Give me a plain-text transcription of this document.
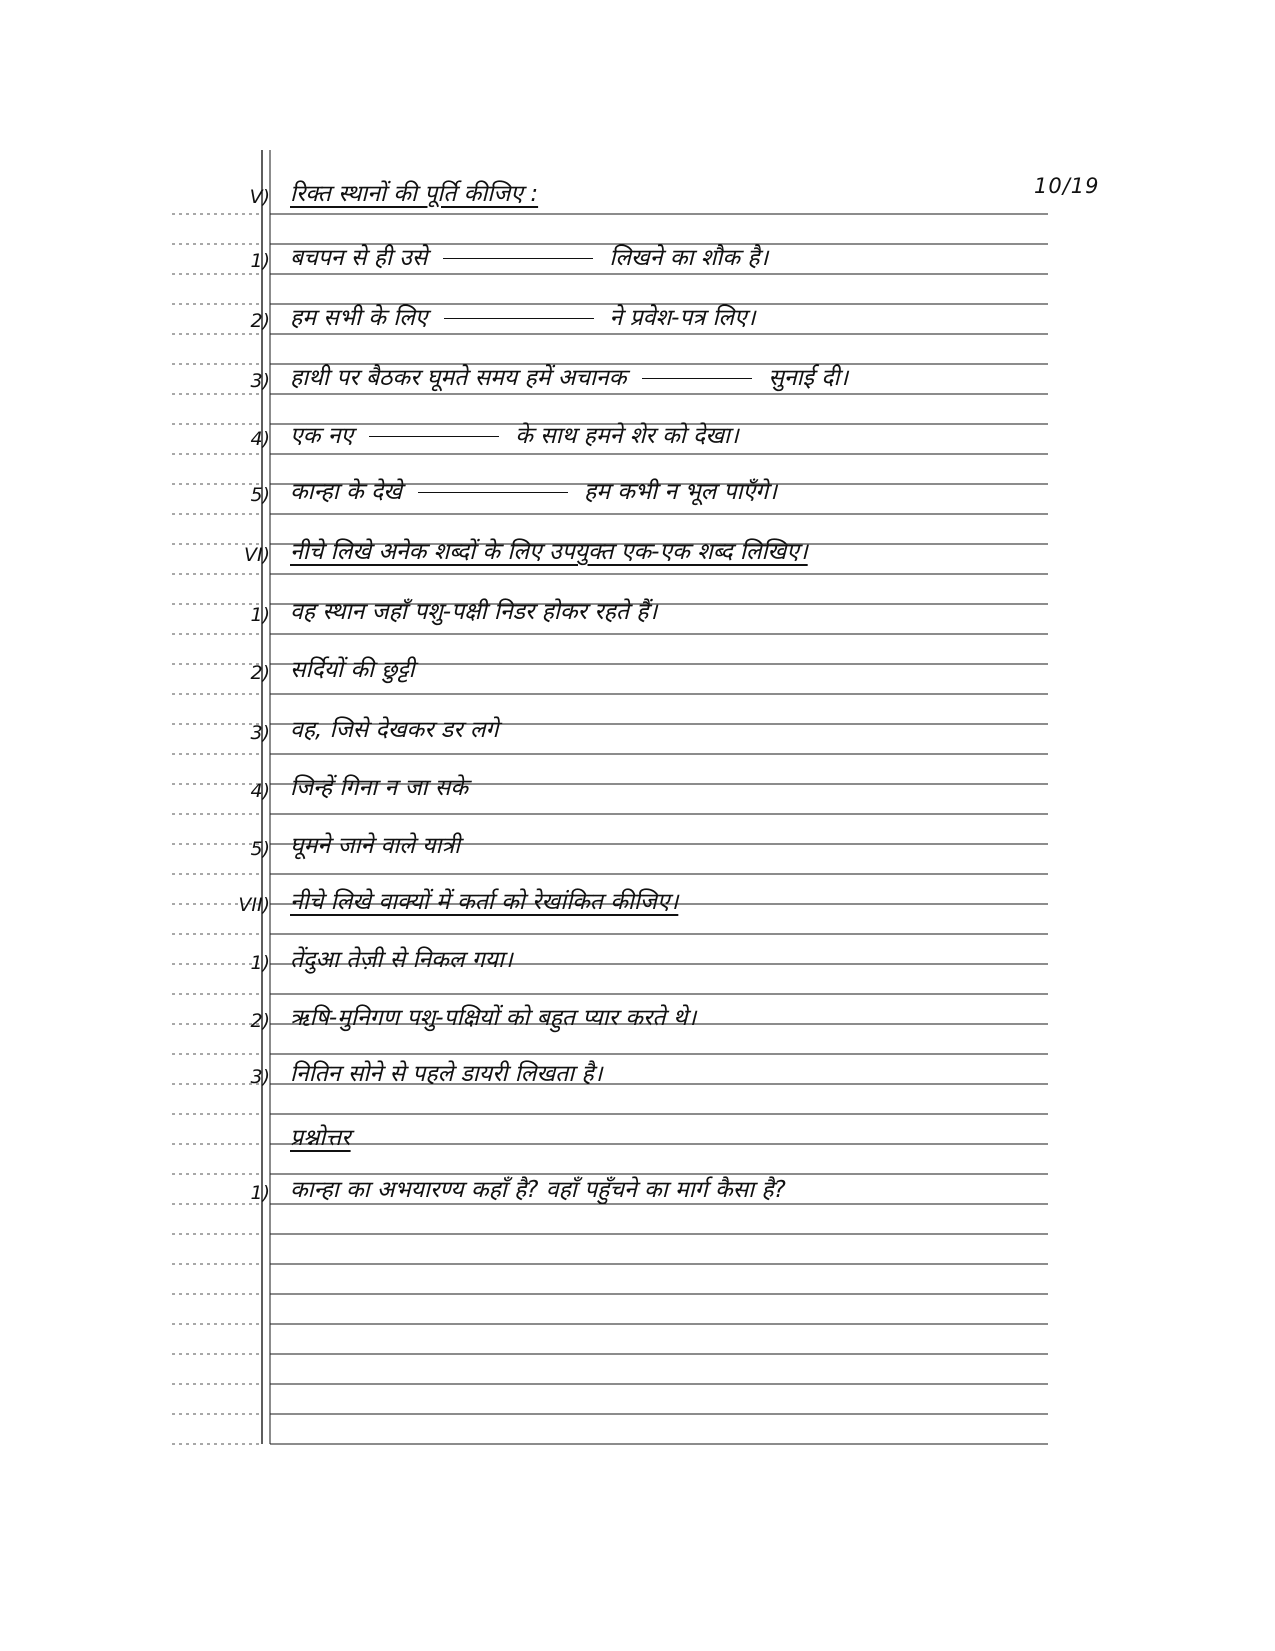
10/19
V) रिक्त स्थानों की पूर्ति कीजिए :
1) बचपन से ही उसे	लिखने का शौक है।
2) हम सभी के लिए	ने प्रवेश-पत्र लिए।
3) हाथी पर बैठकर घूमते समय हमें अचानक	सुनाई दी।
4) एक नए	के साथ हमने शेर को देखा।
5) कान्हा के देखे	हम कभी न भूल पाएँगे।
VI) नीचे लिखे अनेक शब्दों के लिए उपयुक्त एक-एक शब्द लिखिए।
1) वह स्थान जहाँ पशु-पक्षी निडर होकर रहते हैं।
2) सर्दियों की छुट्टी
3) वह, जिसे देखकर डर लगे
4) जिन्हें गिना न जा सके
5) घूमने जाने वाले यात्री
VII) नीचे लिखे वाक्यों में कर्ता को रेखांकित कीजिए।
1) तेंदुआ तेज़ी से निकल गया।
2) ऋषि-मुनिगण पशु-पक्षियों को बहुत प्यार करते थे।
3) नितिन सोने से पहले डायरी लिखता है।
प्रश्नोत्तर
1) कान्हा का अभयारण्य कहाँ है? वहाँ पहुँचने का मार्ग कैसा है?
